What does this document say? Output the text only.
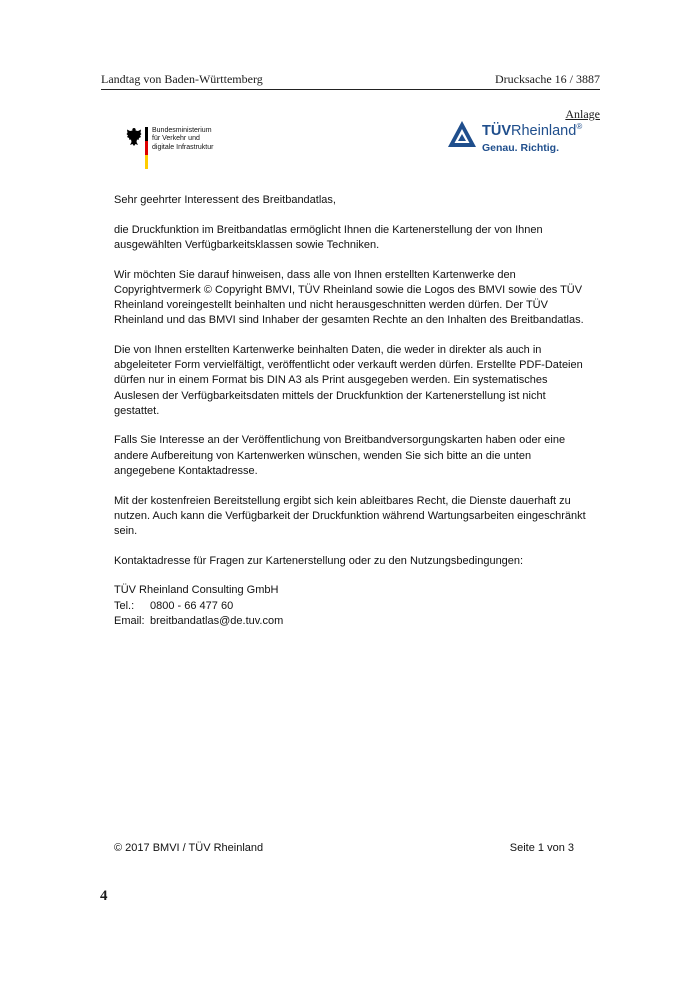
Landtag von Baden-Württemberg	Drucksache 16 / 3887
Anlage
Bundesministerium
für Verkehr und
digitale Infrastruktur
TÜVRheinland®
Genau. Richtig.

Sehr geehrter Interessent des Breitbandatlas,

die Druckfunktion im Breitbandatlas ermöglicht Ihnen die Kartenerstellung der von Ihnen ausgewählten Verfügbarkeitsklassen sowie Techniken.

Wir möchten Sie darauf hinweisen, dass alle von Ihnen erstellten Kartenwerke den Copyrightvermerk © Copyright BMVI, TÜV Rheinland sowie die Logos des BMVI sowie des TÜV Rheinland voreingestellt beinhalten und nicht herausgeschnitten werden dürfen. Der TÜV Rheinland und das BMVI sind Inhaber der gesamten Rechte an den Inhalten des Breitbandatlas.

Die von Ihnen erstellten Kartenwerke beinhalten Daten, die weder in direkter als auch in abgeleiteter Form vervielfältigt, veröffentlicht oder verkauft werden dürfen. Erstellte PDF-Dateien dürfen nur in einem Format bis DIN A3 als Print ausgegeben werden. Ein systematisches Auslesen der Verfügbarkeitsdaten mittels der Druckfunktion der Kartenerstellung ist nicht gestattet.

Falls Sie Interesse an der Veröffentlichung von Breitbandversorgungskarten haben oder eine andere Aufbereitung von Kartenwerken wünschen, wenden Sie sich bitte an die unten angegebene Kontaktadresse.

Mit der kostenfreien Bereitstellung ergibt sich kein ableitbares Recht, die Dienste dauerhaft zu nutzen. Auch kann die Verfügbarkeit der Druckfunktion während Wartungsarbeiten eingeschränkt sein.

Kontaktadresse für Fragen zur Kartenerstellung oder zu den Nutzungsbedingungen:

TÜV Rheinland Consulting GmbH
Tel.:	0800 - 66 477 60
Email: breitbandatlas@de.tuv.com
© 2017 BMVI / TÜV Rheinland	Seite 1 von 3
4
